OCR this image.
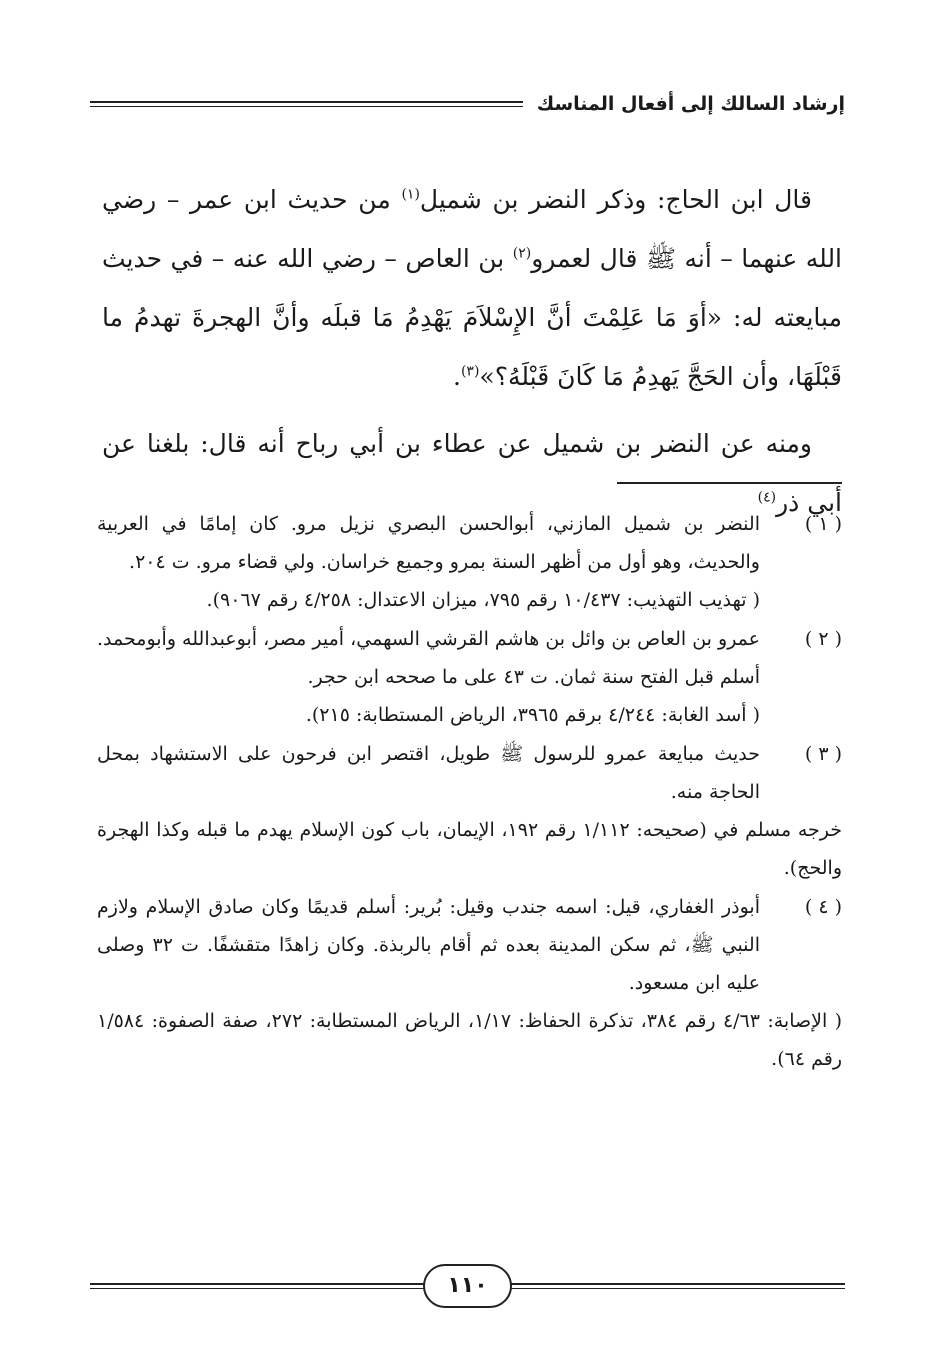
إرشاد السالك إلى أفعال المناسك

قال ابن الحاج: وذكر النضر بن شميل$^{(١)}$ من حديث ابن عمر – رضي الله عنهما – أنه ﷺ قال لعمرو$^{(٢)}$ بن العاص – رضي الله عنه – في حديث مبايعته له: «أوَ مَا عَلِمْتَ أنَّ الإِسْلاَمَ يَهْدِمُ مَا قبلَه وأنَّ الهجرةَ تهدمُ ما قَبْلَهَا، وأن الحَجَّ يَهدِمُ مَا كَانَ قَبْلَهُ؟»$^{(٣)}$.

ومنه عن النضر بن شميل عن عطاء بن أبي رباح أنه قال: بلغنا عن أبي ذر$^{(٤)}$

( ١ )

النضر بن شميل المازني، أبوالحسن البصري نزيل مرو. كان إمامًا في العربية والحديث، وهو أول من أظهر السنة بمرو وجميع خراسان. ولي قضاء مرو. ت ٢٠٤.

( تهذيب التهذيب: ١٠/٤٣٧ رقم ٧٩٥، ميزان الاعتدال: ٤/٢٥٨ رقم ٩٠٦٧).

( ٢ )

عمرو بن العاص بن وائل بن هاشم القرشي السهمي، أمير مصر، أبوعبدالله وأبومحمد. أسلم قبل الفتح سنة ثمان. ت ٤٣ على ما صححه ابن حجر.

( أسد الغابة: ٤/٢٤٤ برقم ٣٩٦٥، الرياض المستطابة: ٢١٥).

( ٣ )

حديث مبايعة عمرو للرسول ﷺ طويل، اقتصر ابن فرحون على الاستشهاد بمحل الحاجة منه.

خرجه مسلم في (صحيحه: ١/١١٢ رقم ١٩٢، الإيمان، باب كون الإسلام يهدم ما قبله وكذا الهجرة والحج).

( ٤ )

أبوذر الغفاري، قيل: اسمه جندب وقيل: بُرير: أسلم قديمًا وكان صادق الإسلام ولازم النبي ﷺ، ثم سكن المدينة بعده ثم أقام بالربذة. وكان زاهدًا متقشفًا. ت ٣٢ وصلى عليه ابن مسعود.

( الإصابة: ٤/٦٣ رقم ٣٨٤، تذكرة الحفاظ: ١/١٧، الرياض المستطابة: ٢٧٢، صفة الصفوة: ١/٥٨٤ رقم ٦٤).

١١٠
